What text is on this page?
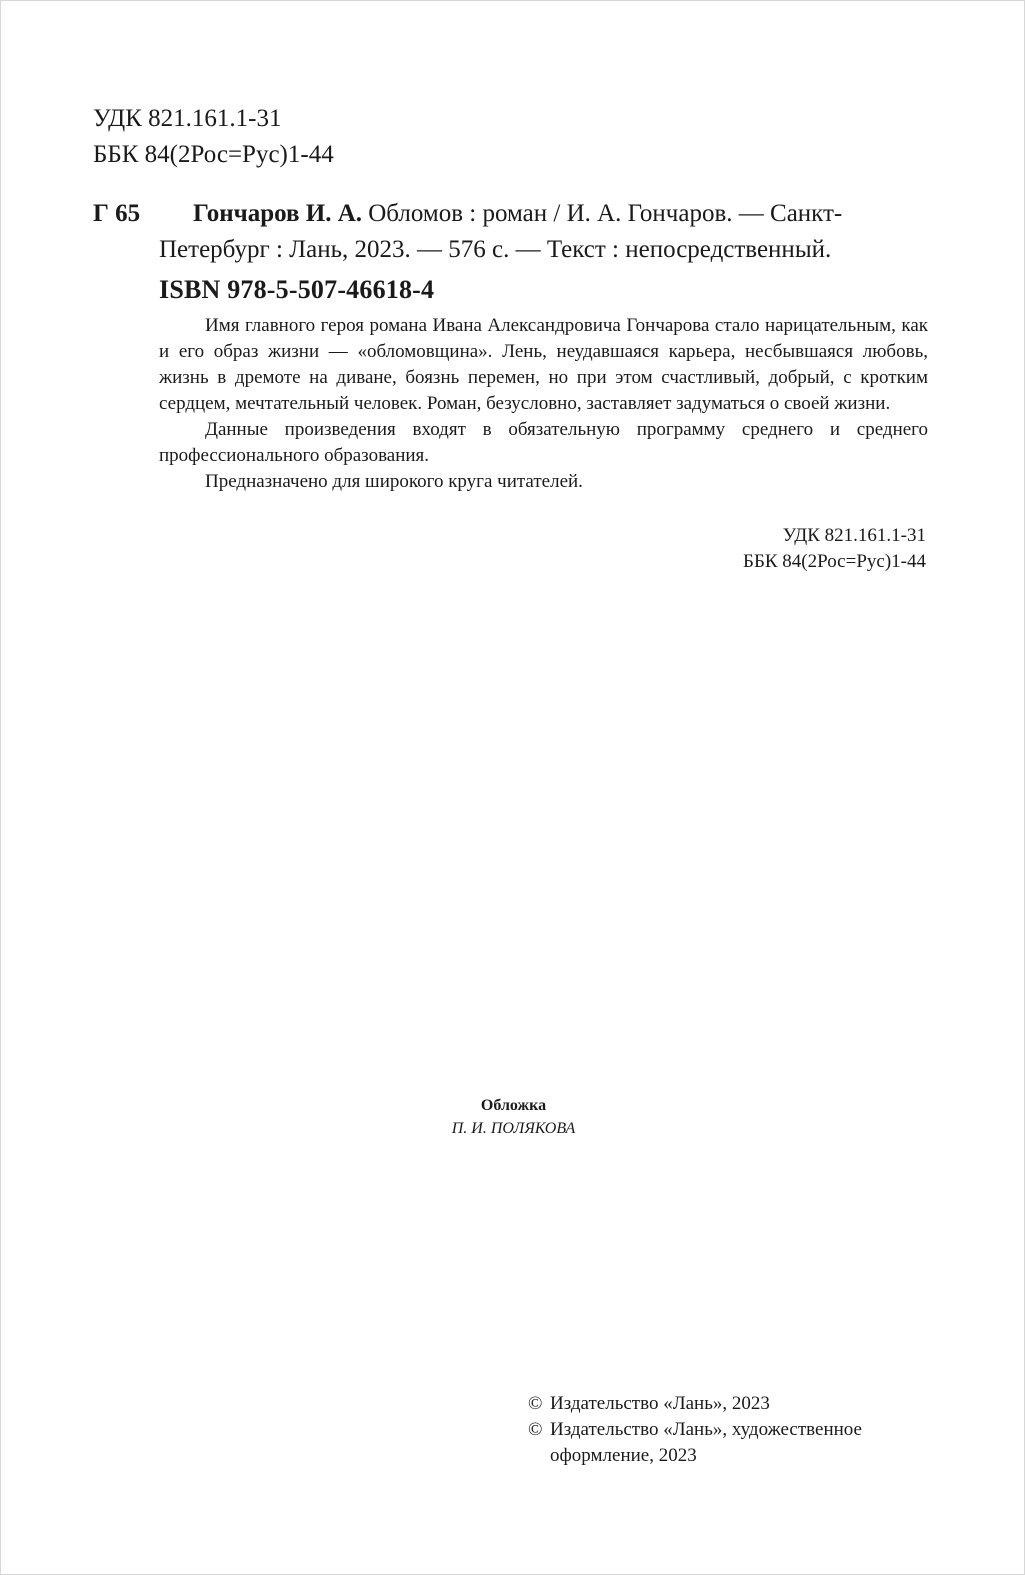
УДК 821.161.1-31
ББК 84(2Рос=Рус)1-44
Г 65 Гончаров И. А. Обломов : роман / И. А. Гончаров. — Санкт-
Петербург : Лань, 2023. — 576 с. — Текст : непосредственный.
ISBN 978-5-507-46618-4

Имя главного героя романа Ивана Александровича Гончарова стало нарицательным, как и его образ жизни — «обломовщина». Лень, неудавшаяся карьера, несбывшаяся любовь, жизнь в дремоте на диване, боязнь перемен, но при этом счастливый, добрый, с кротким сердцем, мечтательный человек. Роман, безусловно, заставляет задуматься о своей жизни.

Данные произведения входят в обязательную программу среднего и среднего профессионального образования.

Предназначено для широкого круга читателей.

УДК 821.161.1-31
ББК 84(2Рос=Рус)1-44
Обложка
П. И. ПОЛЯКОВА
© Издательство «Лань», 2023
© Издательство «Лань», художественное
оформление, 2023
